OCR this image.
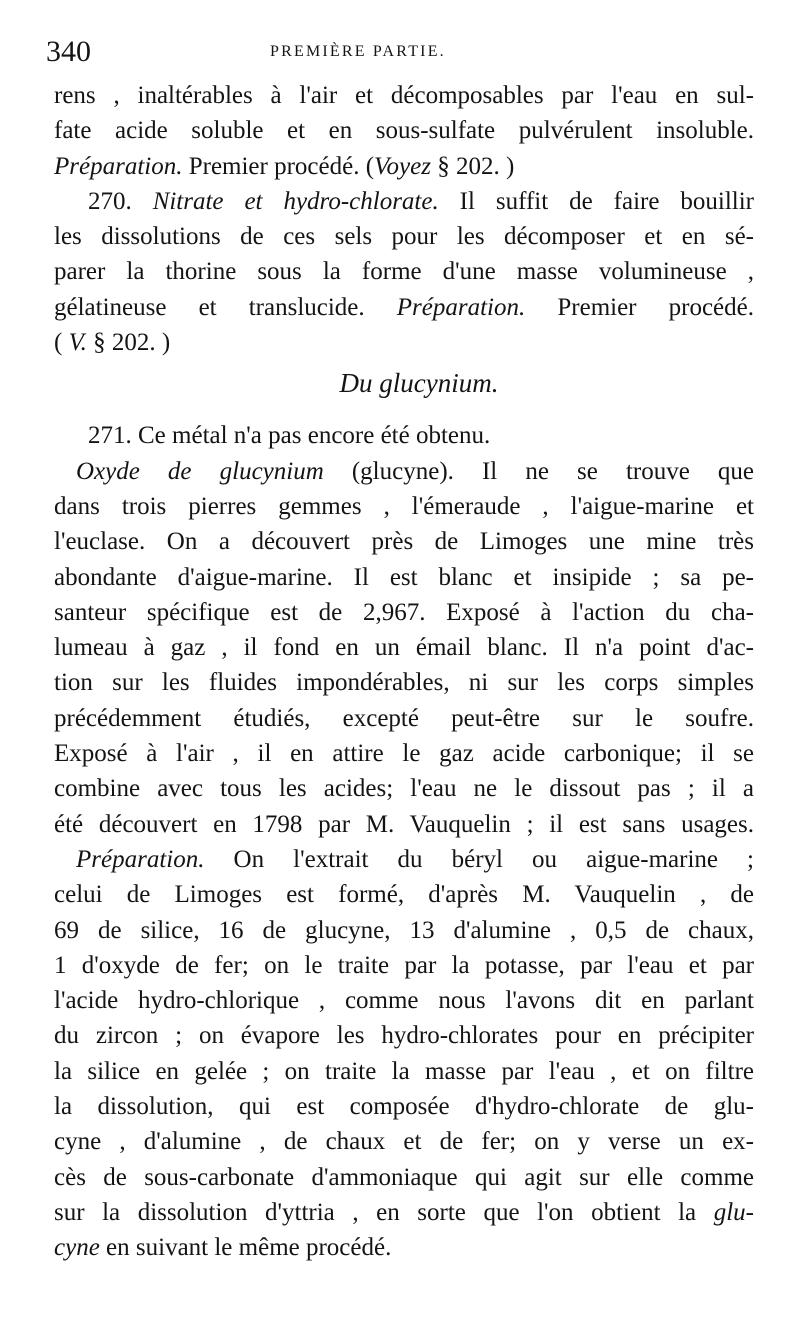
340	PREMIÈRE PARTIE.
rens , inaltérables à l'air et décomposables par l'eau en sul-
fate acide soluble et en sous-sulfate pulvérulent insoluble.
Préparation. Premier procédé. (Voyez § 202. )
270. Nitrate et hydro-chlorate. Il suffit de faire bouillir
les dissolutions de ces sels pour les décomposer et en sé-
parer la thorine sous la forme d'une masse volumineuse ,
gélatineuse et translucide. Préparation. Premier procédé.
( V. § 202. )
Du glucynium.
271. Ce métal n'a pas encore été obtenu.
Oxyde de glucynium (glucyne). Il ne se trouve que
dans trois pierres gemmes , l'émeraude , l'aigue-marine et
l'euclase. On a découvert près de Limoges une mine très
abondante d'aigue-marine. Il est blanc et insipide ; sa pe-
santeur spécifique est de 2,967. Exposé à l'action du cha-
lumeau à gaz , il fond en un émail blanc. Il n'a point d'ac-
tion sur les fluides impondérables, ni sur les corps simples
précédemment étudiés, excepté peut-être sur le soufre.
Exposé à l'air , il en attire le gaz acide carbonique; il se
combine avec tous les acides; l'eau ne le dissout pas ; il a
été découvert en 1798 par M. Vauquelin ; il est sans usages.
Préparation. On l'extrait du béryl ou aigue-marine ;
celui de Limoges est formé, d'après M. Vauquelin , de
69 de silice, 16 de glucyne, 13 d'alumine , 0,5 de chaux,
1 d'oxyde de fer; on le traite par la potasse, par l'eau et par
l'acide hydro-chlorique , comme nous l'avons dit en parlant
du zircon ; on évapore les hydro-chlorates pour en précipiter
la silice en gelée ; on traite la masse par l'eau , et on filtre
la dissolution, qui est composée d'hydro-chlorate de glu-
cyne , d'alumine , de chaux et de fer; on y verse un ex-
cès de sous-carbonate d'ammoniaque qui agit sur elle comme
sur la dissolution d'yttria , en sorte que l'on obtient la glu-
cyne en suivant le même procédé.
